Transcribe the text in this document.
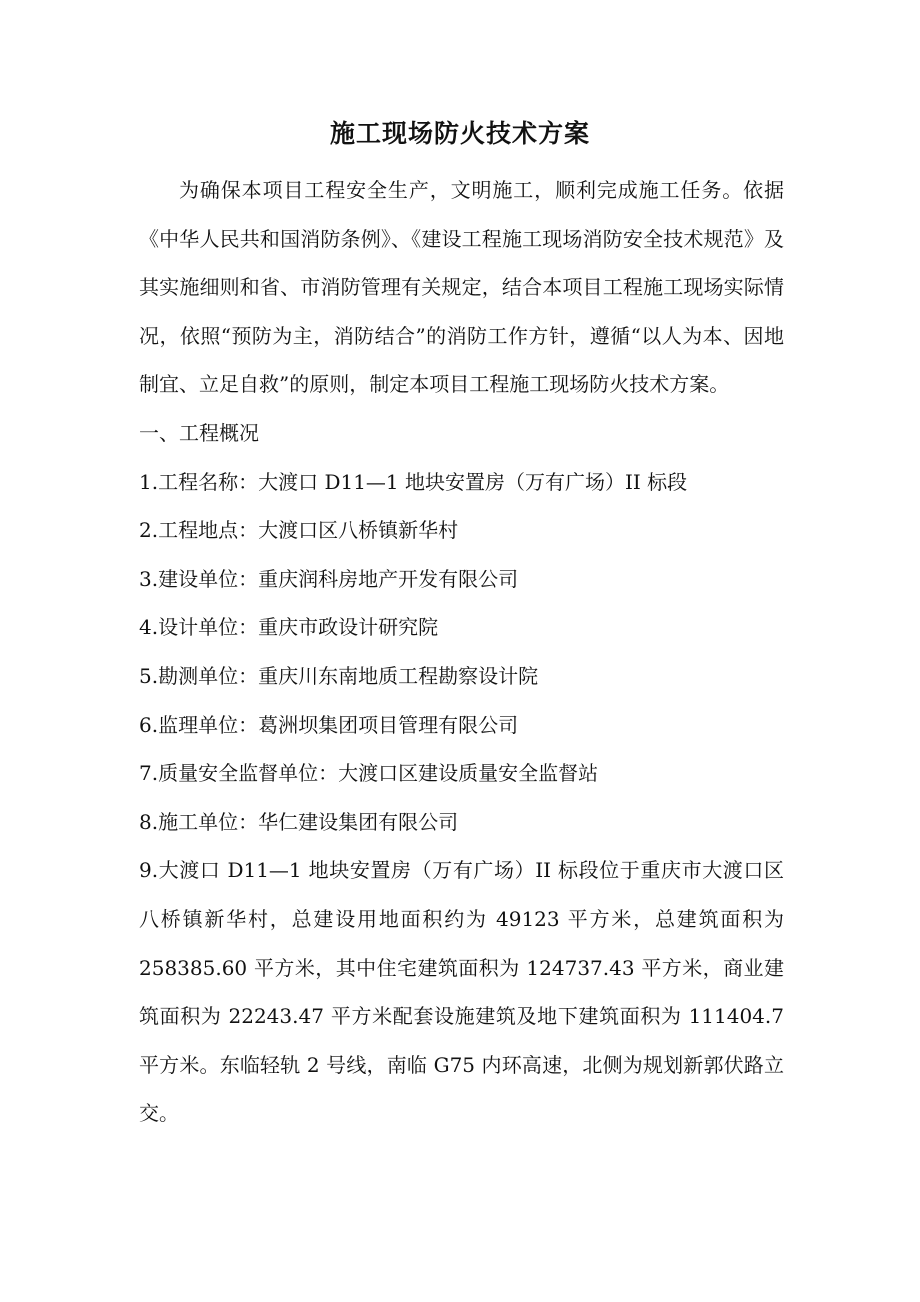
施工现场防火技术方案

为确保本项目工程安全生产，文明施工，顺利完成施工任务。依据《中华人民共和国消防条例》、《建设工程施工现场消防安全技术规范》及其实施细则和省、市消防管理有关规定，结合本项目工程施工现场实际情况，依照“预防为主，消防结合”的消防工作方针，遵循“以人为本、因地制宜、立足自救”的原则，制定本项目工程施工现场防火技术方案。

一、工程概况

1.工程名称：大渡口 D11—1 地块安置房（万有广场）II 标段

2.工程地点：大渡口区八桥镇新华村

3.建设单位：重庆润科房地产开发有限公司

4.设计单位：重庆市政设计研究院

5.勘测单位：重庆川东南地质工程勘察设计院

6.监理单位：葛洲坝集团项目管理有限公司

7.质量安全监督单位：大渡口区建设质量安全监督站

8.施工单位：华仁建设集团有限公司

9.大渡口 D11—1 地块安置房（万有广场）II 标段位于重庆市大渡口区八桥镇新华村，总建设用地面积约为 49123 平方米，总建筑面积为 258385.60 平方米，其中住宅建筑面积为 124737.43 平方米，商业建筑面积为 22243.47 平方米配套设施建筑及地下建筑面积为 111404.7 平方米。东临轻轨 2 号线，南临 G75 内环高速，北侧为规划新郭伏路立交。
